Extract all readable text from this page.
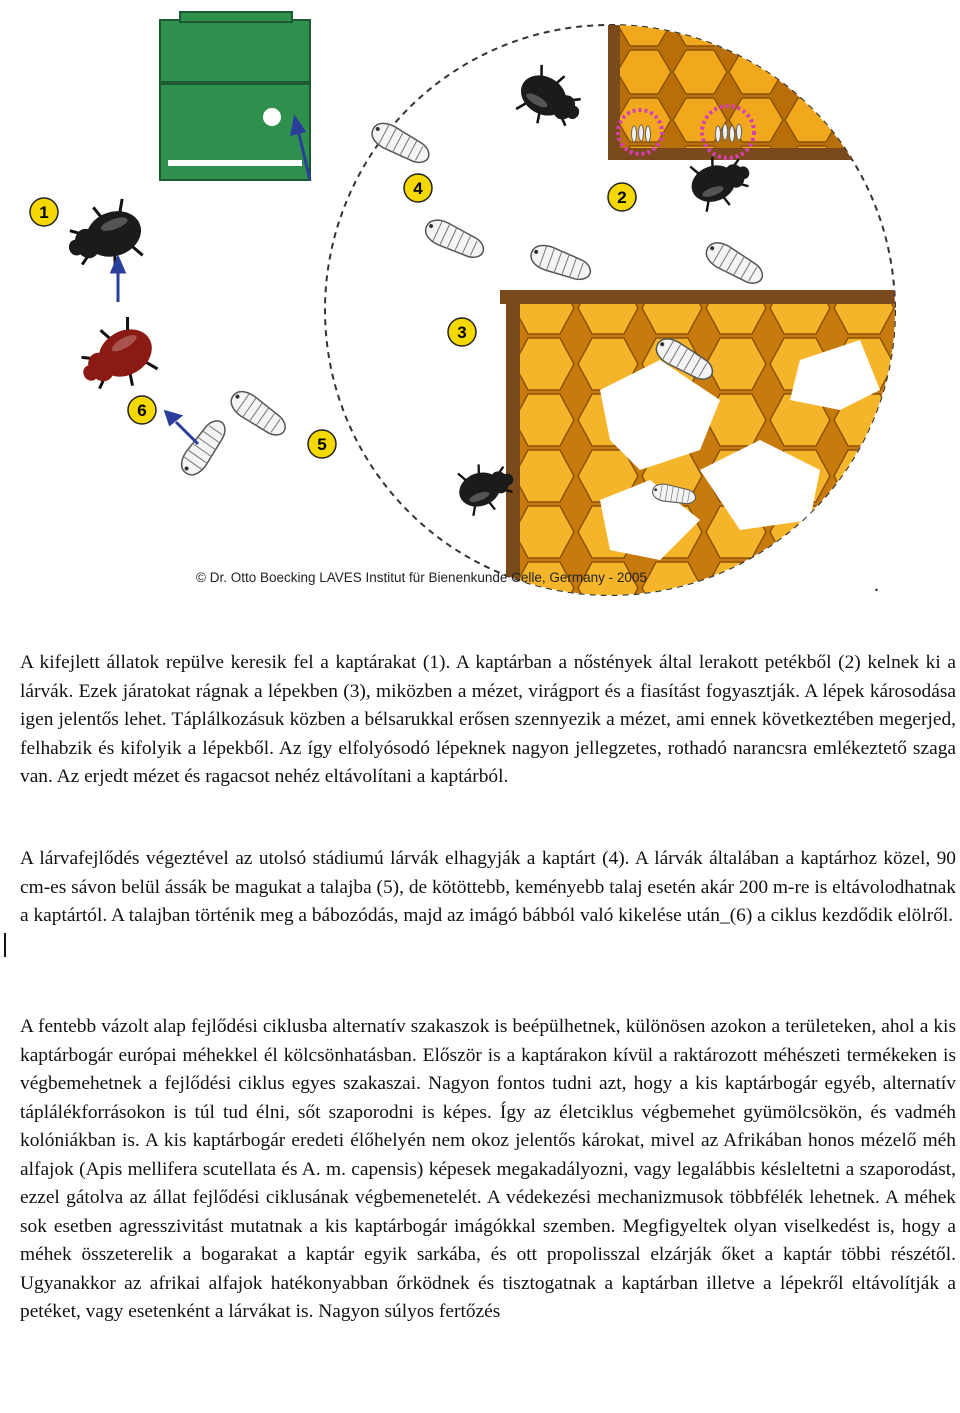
1
2
3
4
5
6
© Dr. Otto Boecking LAVES Institut für Bienenkunde Celle, Germany - 2005	.

A kifejlett állatok repülve keresik fel a kaptárakat (1). A kaptárban a nőstények által lerakott petékből (2) kelnek ki a lárvák. Ezek járatokat rágnak a lépekben (3), miközben a mézet, virágport és a fiasítást fogyasztják. A lépek károsodása igen jelentős lehet. Táplálkozásuk közben a bélsarukkal erősen szennyezik a mézet, ami ennek következtében megerjed, felhabzik és kifolyik a lépekből. Az így elfolyósodó lépeknek nagyon jellegzetes, rothadó narancsra emlékeztető szaga van. Az erjedt mézet és ragacsot nehéz eltávolítani a kaptárból.

A lárvafejlődés végeztével az utolsó stádiumú lárvák elhagyják a kaptárt (4). A lárvák általában a kaptárhoz közel, 90 cm-es sávon belül ássák be magukat a talajba (5), de kötöttebb, keményebb talaj esetén akár 200 m-re is eltávolodhatnak a kaptártól. A talajban történik meg a bábozódás, majd az imágó bábból való kikelése után_(6) a ciklus kezdődik elölről.

A fentebb vázolt alap fejlődési ciklusba alternatív szakaszok is beépülhetnek, különösen azokon a területeken, ahol a kis kaptárbogár európai méhekkel él kölcsönhatásban. Először is a kaptárakon kívül a raktározott méhészeti termékeken is végbemehetnek a fejlődési ciklus egyes szakaszai. Nagyon fontos tudni azt, hogy a kis kaptárbogár egyéb, alternatív táplálékforrásokon is túl tud élni, sőt szaporodni is képes. Így az életciklus végbemehet gyümölcsökön, és vadméh kolóniákban is. A kis kaptárbogár eredeti élőhelyén nem okoz jelentős károkat, mivel az Afrikában honos mézelő méh alfajok (Apis mellifera scutellata és A. m. capensis) képesek megakadályozni, vagy legalábbis késleltetni a szaporodást, ezzel gátolva az állat fejlődési ciklusának végbemenetelét. A védekezési mechanizmusok többfélék lehetnek. A méhek sok esetben agresszivitást mutatnak a kis kaptárbogár imágókkal szemben. Megfigyeltek olyan viselkedést is, hogy a méhek összeterelik a bogarakat a kaptár egyik sarkába, és ott propolisszal elzárják őket a kaptár többi részétől. Ugyanakkor az afrikai alfajok hatékonyabban őrködnek és tisztogatnak a kaptárban illetve a lépekről eltávolítják a petéket, vagy esetenként a lárvákat is. Nagyon súlyos fertőzés
